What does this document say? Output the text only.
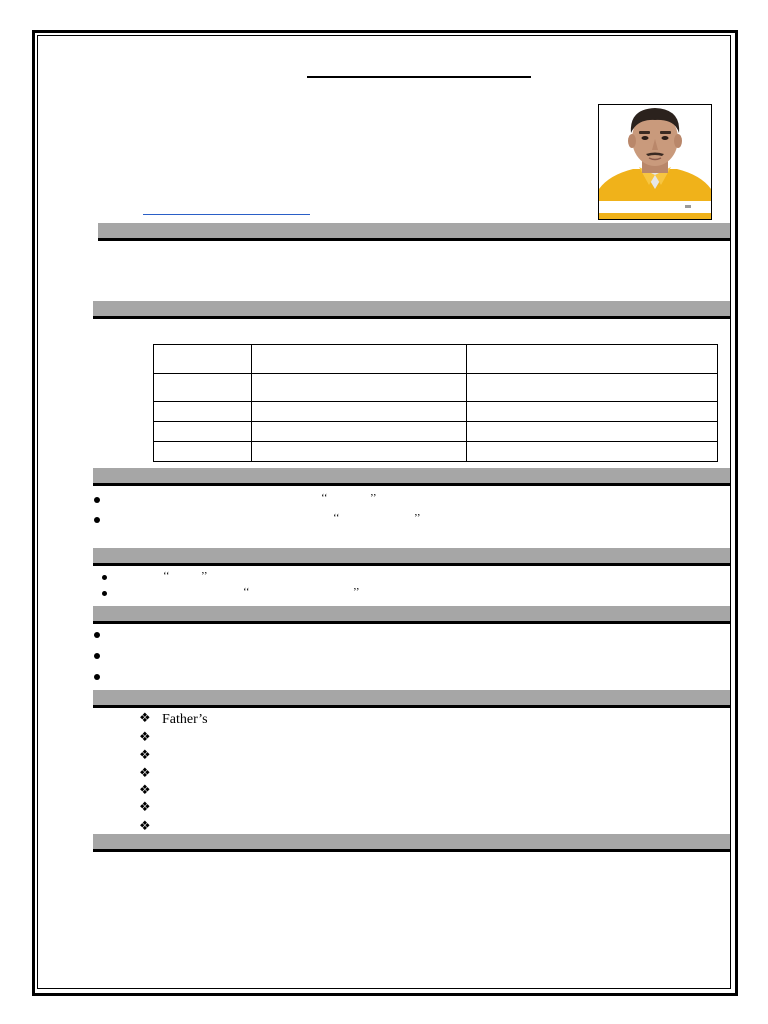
‘‘	’’
‘‘	’’
‘‘	’’
‘‘	’’
❖ Father’s
❖
❖
❖
❖
❖
❖
